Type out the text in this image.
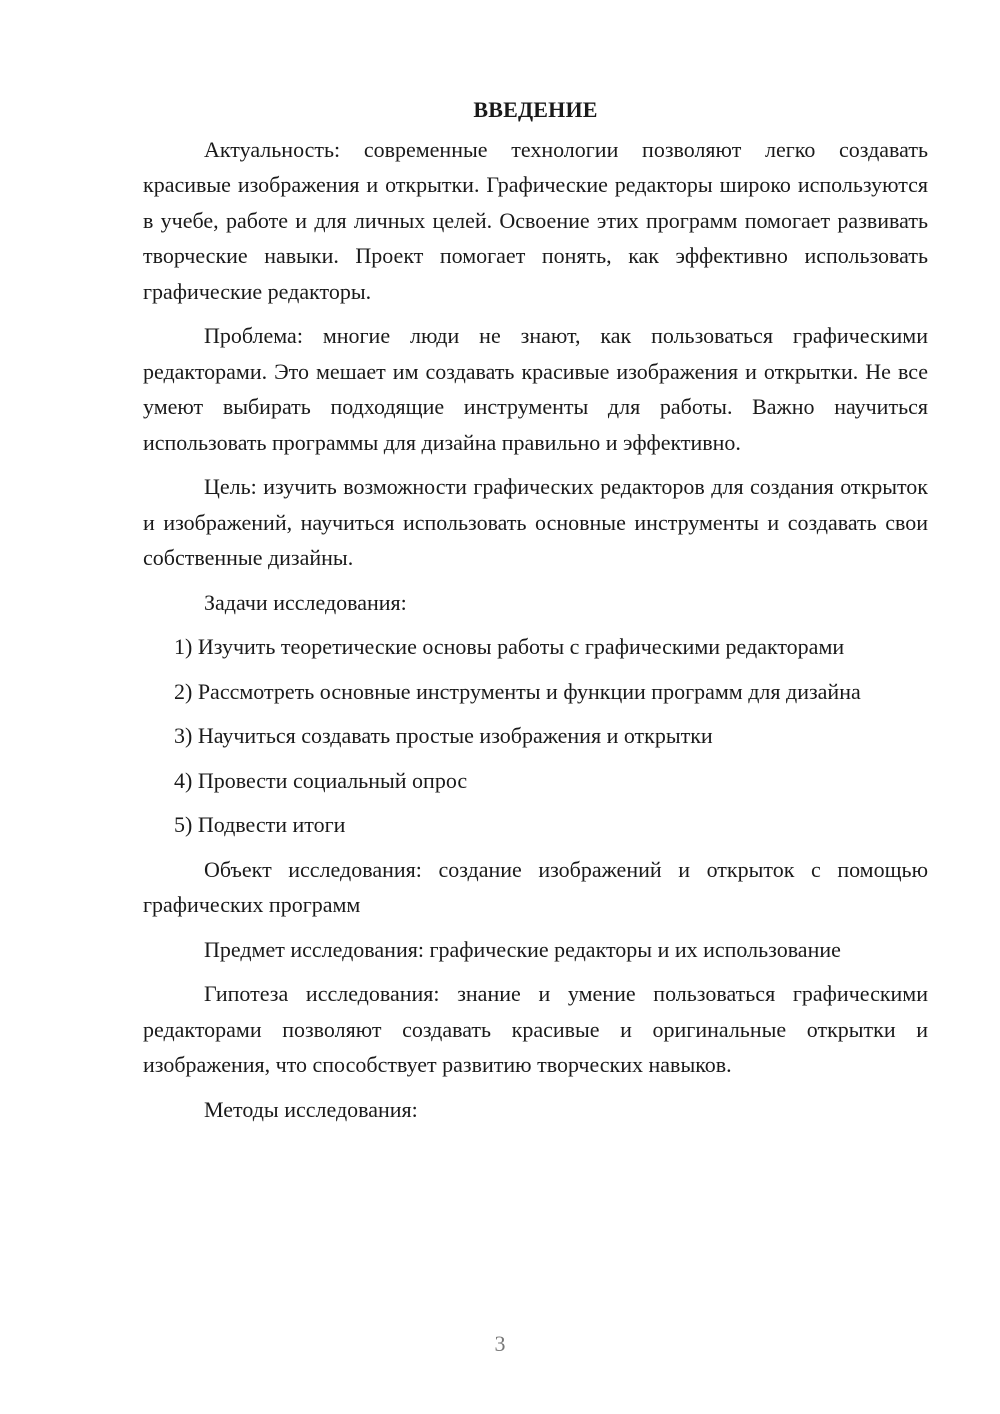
ВВЕДЕНИЕ

Актуальность: современные технологии позволяют легко создавать красивые изображения и открытки. Графические редакторы широко используются в учебе, работе и для личных целей. Освоение этих программ помогает развивать творческие навыки. Проект помогает понять, как эффективно использовать графические редакторы.

Проблема: многие люди не знают, как пользоваться графическими редакторами. Это мешает им создавать красивые изображения и открытки. Не все умеют выбирать подходящие инструменты для работы. Важно научиться использовать программы для дизайна правильно и эффективно.

Цель: изучить возможности графических редакторов для создания открыток и изображений, научиться использовать основные инструменты и создавать свои собственные дизайны.

Задачи исследования:

1) Изучить теоретические основы работы с графическими редакторами

2) Рассмотреть основные инструменты и функции программ для дизайна

3) Научиться создавать простые изображения и открытки

4) Провести социальный опрос

5) Подвести итоги

Объект исследования: создание изображений и открыток с помощью графических программ

Предмет исследования: графические редакторы и их использование

Гипотеза исследования: знание и умение пользоваться графическими редакторами позволяют создавать красивые и оригинальные открытки и изображения, что способствует развитию творческих навыков.

Методы исследования:

3
